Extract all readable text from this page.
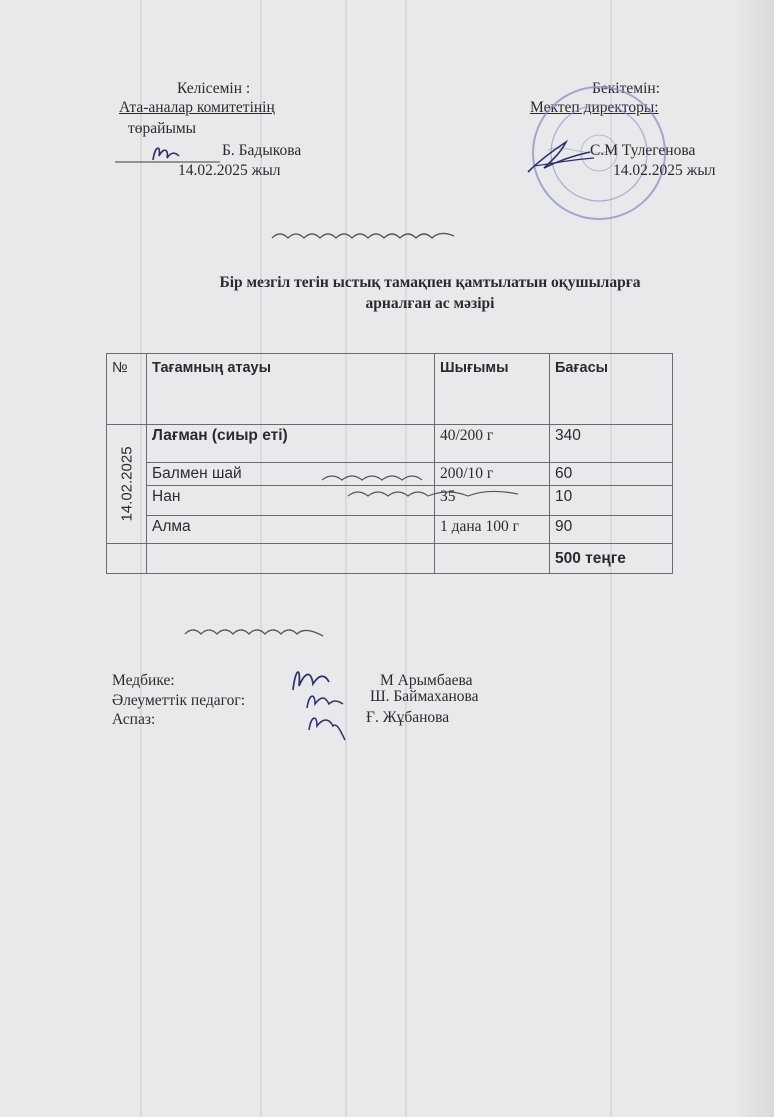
Келісемін :
Ата-аналар комитетінің
төрайымы
Б. Бадыкова
14.02.2025 жыл
Бекітемін:
Мектеп директоры:
С.М Тулегенова
14.02.2025 жыл
Бір мезгіл тегін ыстық тамақпен қамтылатын оқушыларға
арналған ас мәзірі
№	Тағамның атауы	Шығымы	Бағасы

14.02.2025	Лағман (сиыр еті)	40/200 г	340
	Балмен шай	200/10 г	60
	Нан	35	10
	Алма	1 дана 100 г	90
			500 теңге
Медбике:
Әлеуметтік педагог:
Аспаз:
М Арымбаева
Ш. Баймаханова
Ғ. Жұбанова
